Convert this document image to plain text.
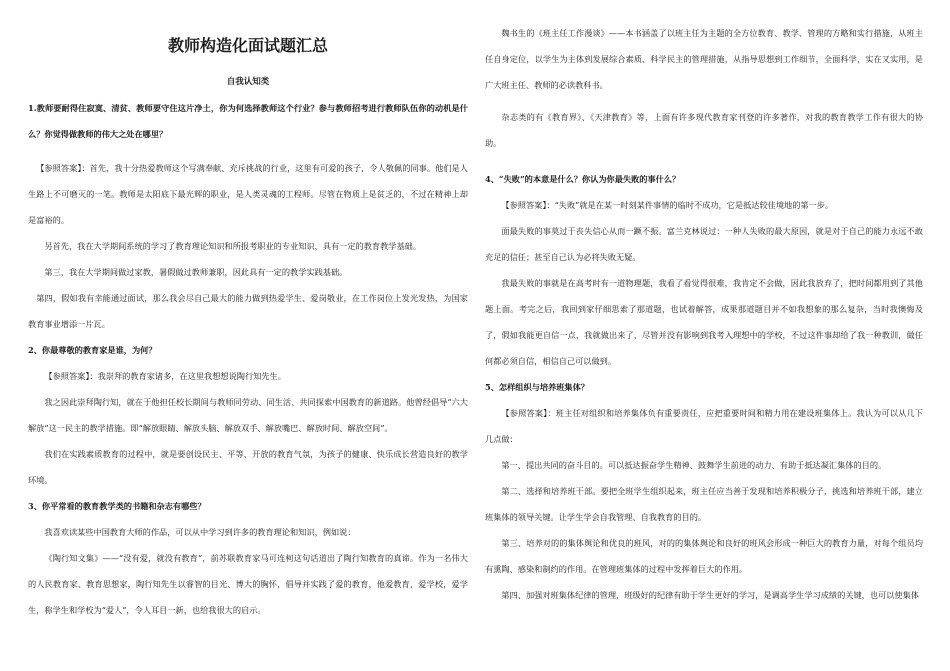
教师构造化面试题汇总
自我认知类

1.教师要耐得住寂寞、清贫、教师要守住这片净土，你为何选择教师这个行业？参与教师招考进行教师队伍你的动机是什么？你觉得做教师的伟大之处在哪里？

【参照答案】：首先，我十分热爱教师这个写满奉献、充斥挑战的行业，这里有可爱的孩子，令人敬佩的同事。他们是人生路上不可磨灭的一笔。教师是太阳底下最光辉的职业，是人类灵魂的工程师。尽管在物质上是贫乏的，不过在精神上却是富裕的。

另首先，我在大学期间系统的学习了教育理论知识和所报考职业的专业知识，具有一定的教育教学基础。

第三，我在大学期间做过家教，暑假做过教师兼职，因此具有一定的教学实践基础。

第四，假如我有幸能通过面试，那么我会尽自己最大的能力做到热爱学生、爱岗敬业，在工作岗位上发光发热，为国家教育事业增添一片瓦。

2、你最尊敬的教育家是谁，为何？

【参照答案】：我崇拜的教育家诸多，在这里我想想说陶行知先生。

我之因此崇拜陶行知，就在于他担任校长期间与教师同劳动、同生活、共同探索中国教育的新道路。他曾经倡导“六大解放”这一民主的教学措施。即“解放眼睛、解放头脑、解放双手、解放嘴巴、解放时间、解放空间”。

我们在实践素质教育的过程中，就是要创设民主、平等、开放的教育气氛，为孩子的健康、快乐成长营造良好的教学环境。

3、你平常看的教育教学类的书籍和杂志有哪些？

我喜欢读某些中国教育大师的作品，可以从中学习到许多的教育理论和知识，例如说：

《陶行知文集》——“没有爱，就没有教育”，前苏联教育家马可连柯这句话道出了陶行知教育的真谛。作为一名伟大的人民教育家、教育思想家，陶行知先生以睿智的目光、博大的胸怀，倡导并实践了爱的教育，他爱教育，爱学校，爱学生，称学生和学校为“爱人”，令人耳目一新，也给我很大的启示。

魏书生的《班主任工作漫谈》——本书涵盖了以班主任为主题的全方位教育、教学、管理的方略和实行措施，从班主任自身定位，以学生为主体到发展综合素质、科学民主的管理措施，从指导思想到工作细节，全面科学，实在又实用，是广大班主任、教师的必读教科书。

杂志类的有《教育界》、《天津教育》等，上面有许多现代教育家刊登的许多著作，对我的教育教学工作有很大的协助。

4、“失败”的本意是什么？你认为你最失败的事什么？

【参照答案】：“失败”就是在某一时刻某件事情的临时不成功，它是抵达较佳境地的第一步。

面最失败的事莫过于丧失信心从而一蹶不振。富兰克林说过：一种人失败的最大原因，就是对于自己的能力永远不敢充足的信任；甚至自己认为必将失败无疑。

我最失败的事就是在高考时有一道物理题，我看了看觉得很难，我肯定不会做，因此我放弃了，把时间都用到了其他题上面。考完之后，我回到家仔细思索了那道题，也试着解答，成果那道题目并不如我想象的那么复杂，当时我懊悔及了，假如我能更自信一点，我就做出来了，尽管并没有影响到我考入理想中的学校，不过这件事却给了我一种教训，做任何都必须自信，相信自己可以做到。

5、怎样组织与培养班集体？

【参照答案】：班主任对组织和培养集体负有重要责任，应把重要时间和精力用在建设班集体上。我认为可以从几下几点做：

第一、提出共同的奋斗目的。可以抵达振奋学生精神、鼓舞学生前进的动力、有助于抵达凝汇集体的目的。

第二、选择和培养班干部。要把全班学生组织起来，班主任应当善于发现和培养积极分子，挑选和培养班干部，建立班集体的领导关键。让学生学会自我管理、自我教育的目的。

第三、培养对的的集体舆论和优良的班风，对的的集体舆论和良好的班风会形成一种巨大的教育力量，对每个组员均有熏陶、感染和制约的作用。在管理班集体的过程中发挥着巨大的作用。

第四、加强对班集体纪律的管理，班级好的纪律有助于学生更好的学习，是调高学生学习成绩的关键，也可以使集体
